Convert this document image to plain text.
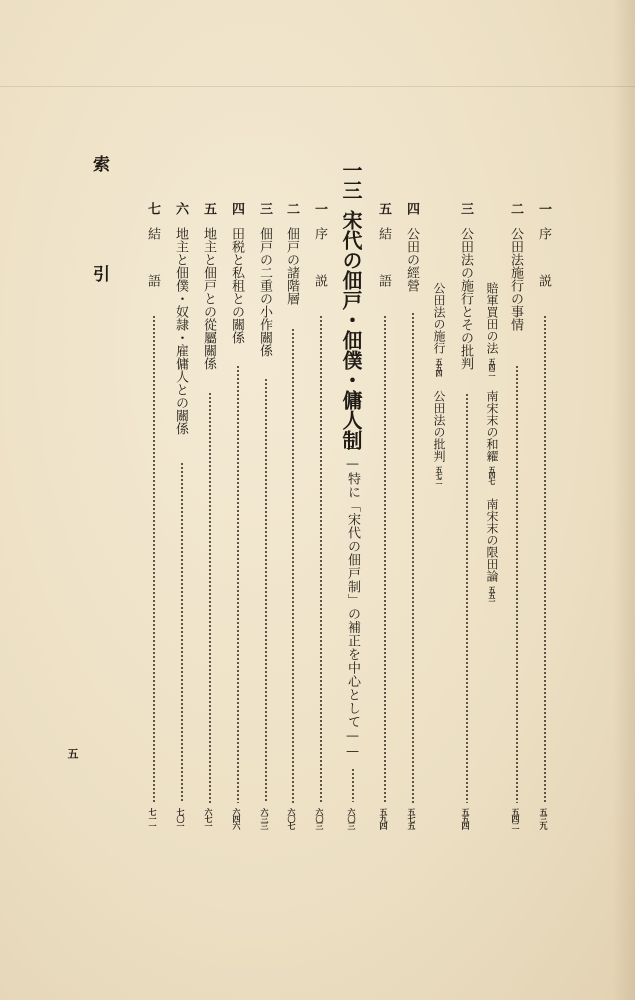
一序説
五三九
二公田法施行の事情
五四二
賠軍買田の法五四二南宋末の和糴五四七南宋末の限田論五五一
三公田法の施行とその批判
五五四
公田法の施行五五四公田法の批判五七二
四公田の經營
五七五
五結語
五九四
一三宋代の佃戸・佃僕・傭人制
——特に「宋代の佃戸制」の補正を中心として——
六〇三
一序説
六〇三
二佃戸の諸階層
六〇七
三佃戸の二重の小作關係
六三三
四田税と私租との關係
六四六
五地主と佃戸との從屬關係
六七一
六地主と佃僕・奴隷・雇傭人との關係
七〇一
七結語
七一一
索　引
五
